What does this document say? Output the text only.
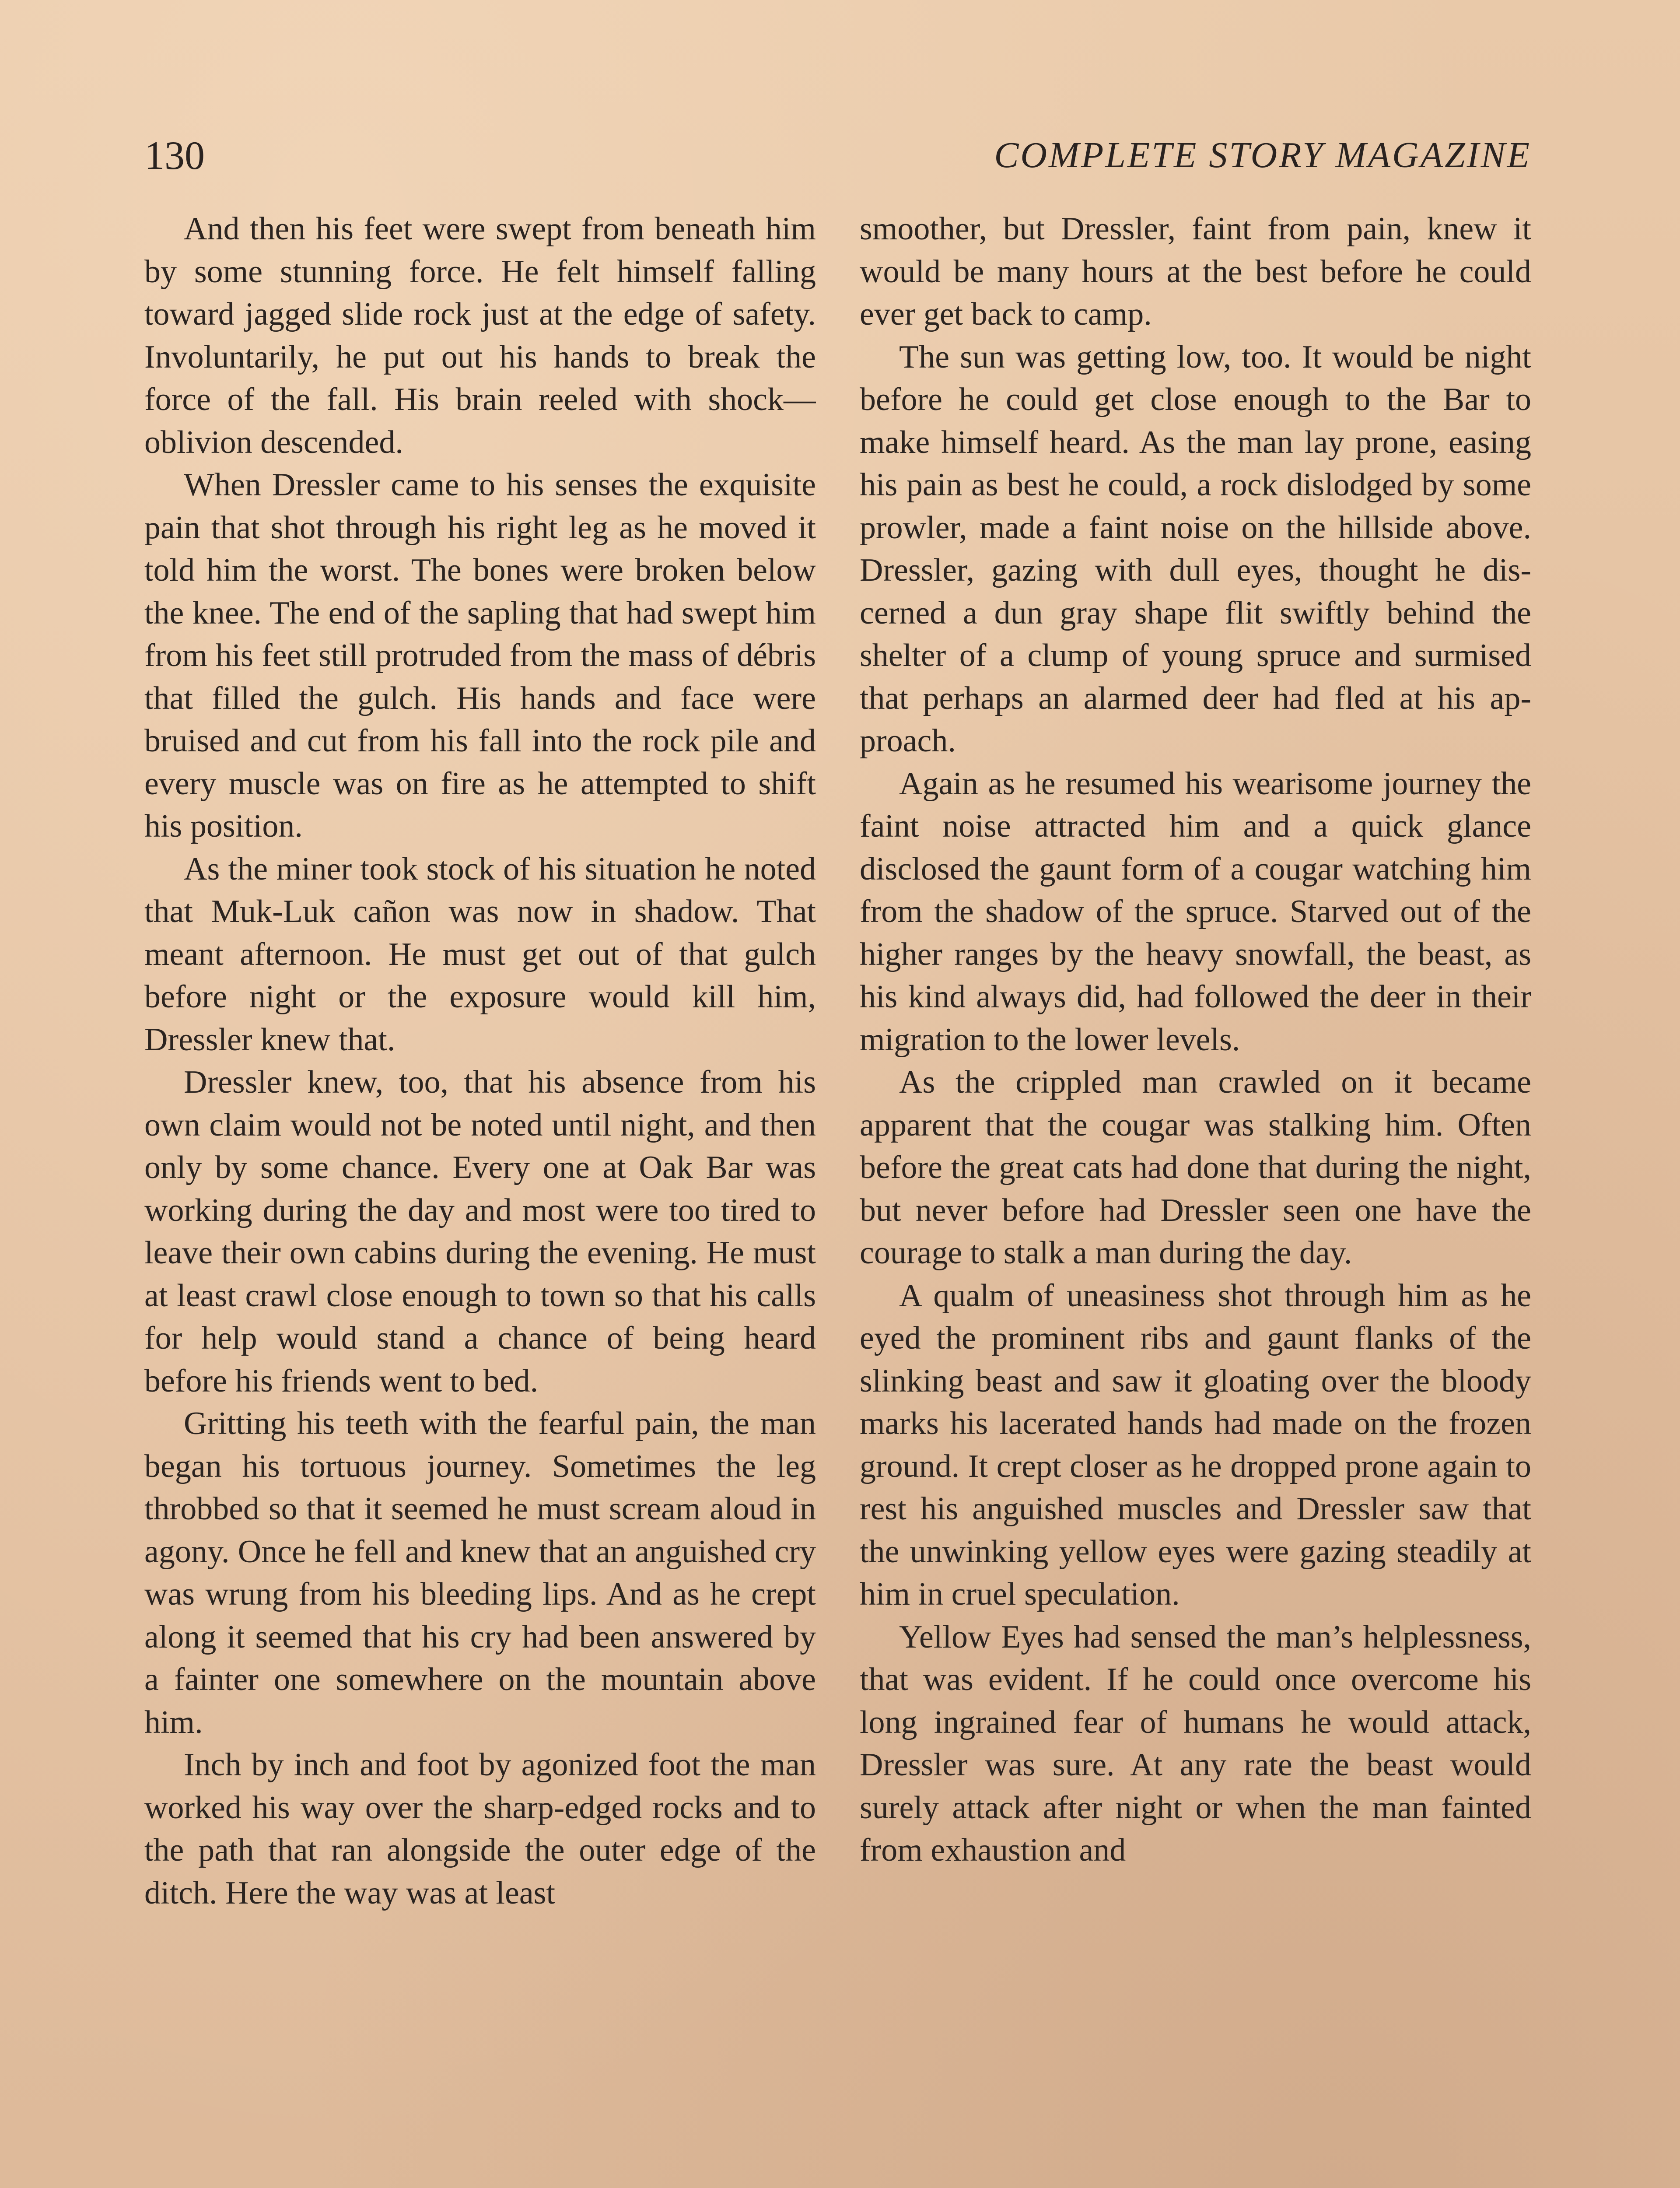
130	COMPLETE STORY MAGAZINE

And then his feet were swept from beneath him by some stunning force. He felt himself falling toward jagged slide rock just at the edge of safety. Involuntarily, he put out his hands to break the force of the fall. His brain reeled with shock—oblivion descended.

When Dressler came to his senses the exquisite pain that shot through his right leg as he moved it told him the worst. The bones were broken below the knee. The end of the sapling that had swept him from his feet still protruded from the mass of débris that filled the gulch. His hands and face were bruised and cut from his fall into the rock pile and every muscle was on fire as he attempted to shift his position.

As the miner took stock of his situation he noted that Muk-Luk cañon was now in shadow. That meant afternoon. He must get out of that gulch before night or the exposure would kill him, Dressler knew that.

Dressler knew, too, that his absence from his own claim would not be noted until night, and then only by some chance. Every one at Oak Bar was working during the day and most were too tired to leave their own cabins during the evening. He must at least crawl close enough to town so that his calls for help would stand a chance of being heard before his friends went to bed.

Gritting his teeth with the fearful pain, the man began his tortuous journey. Sometimes the leg throbbed so that it seemed he must scream aloud in agony. Once he fell and knew that an anguished cry was wrung from his bleeding lips. And as he crept along it seemed that his cry had been answered by a fainter one somewhere on the mountain above him.

Inch by inch and foot by agonized foot the man worked his way over the sharp-edged rocks and to the path that ran alongside the outer edge of the ditch. Here the way was at least

smoother, but Dressler, faint from pain, knew it would be many hours at the best before he could ever get back to camp.

The sun was getting low, too. It would be night before he could get close enough to the Bar to make himself heard. As the man lay prone, easing his pain as best he could, a rock dislodged by some prowler, made a faint noise on the hillside above. Dressler, gazing with dull eyes, thought he discerned a dun gray shape flit swiftly behind the shelter of a clump of young spruce and surmised that perhaps an alarmed deer had fled at his approach.

Again as he resumed his wearisome journey the faint noise attracted him and a quick glance disclosed the gaunt form of a cougar watching him from the shadow of the spruce. Starved out of the higher ranges by the heavy snowfall, the beast, as his kind always did, had followed the deer in their migration to the lower levels.

As the crippled man crawled on it became apparent that the cougar was stalking him. Often before the great cats had done that during the night, but never before had Dressler seen one have the courage to stalk a man during the day.

A qualm of uneasiness shot through him as he eyed the prominent ribs and gaunt flanks of the slinking beast and saw it gloating over the bloody marks his lacerated hands had made on the frozen ground. It crept closer as he dropped prone again to rest his anguished muscles and Dressler saw that the unwinking yellow eyes were gazing steadily at him in cruel speculation.

Yellow Eyes had sensed the man’s helplessness, that was evident. If he could once overcome his long ingrained fear of humans he would attack, Dressler was sure. At any rate the beast would surely attack after night or when the man fainted from exhaustion and
